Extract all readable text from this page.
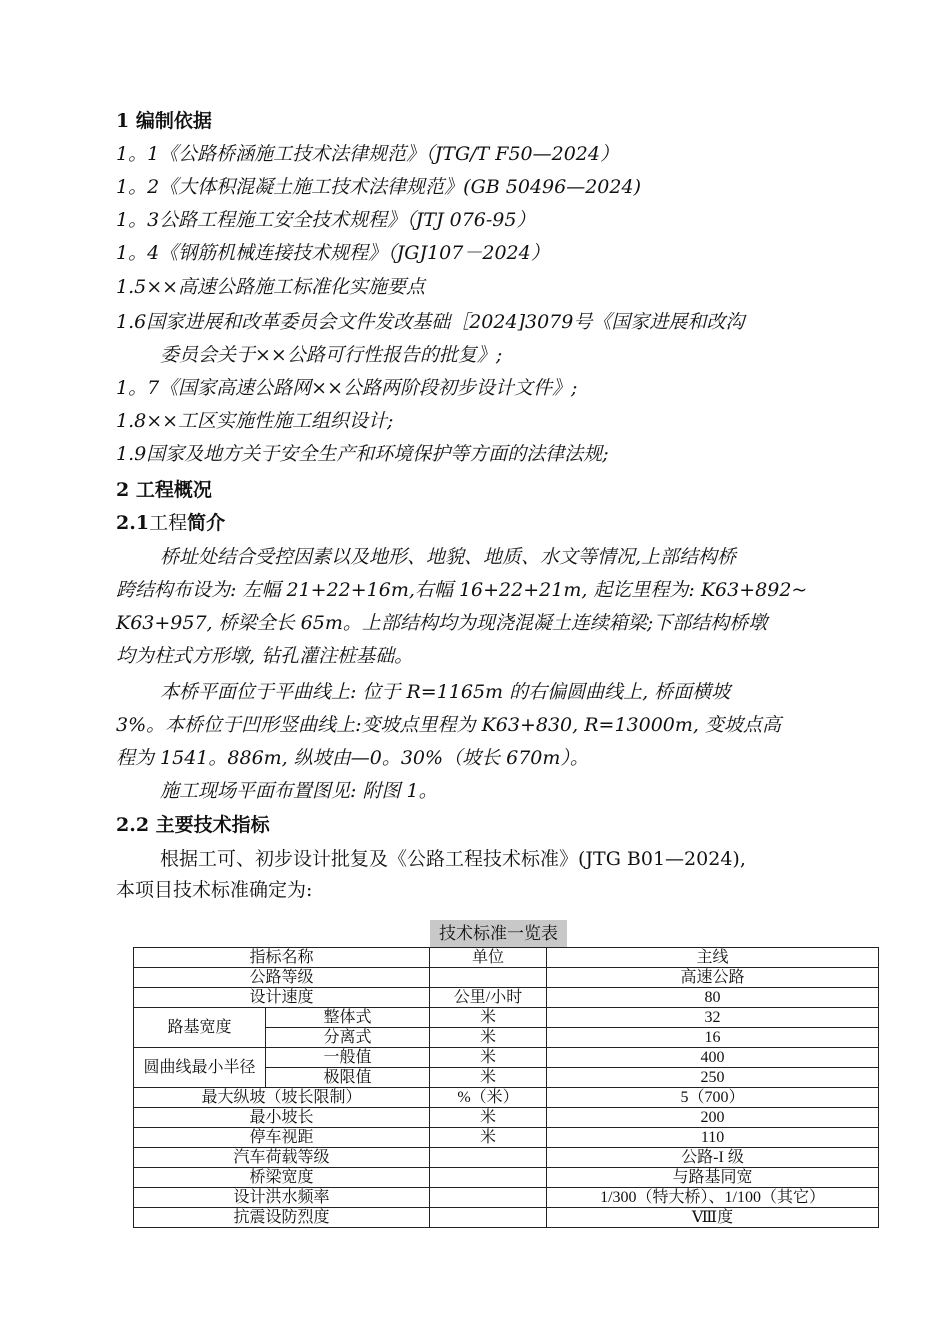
1 编制依据
1。1《公路桥涵施工技术法律规范》（JTG/T F50—2024）
1。2《大体积混凝土施工技术法律规范》(GB 50496—2024)
1。3公路工程施工安全技术规程》（JTJ 076-95）
1。4《钢筋机械连接技术规程》（JGJ107－2024）
1.5××高速公路施工标准化实施要点
1.6国家进展和改革委员会文件发改基础［2024]3079号《国家进展和改沟
委员会关于××公路可行性报告的批复》;
1。7《国家高速公路网××公路两阶段初步设计文件》;
1.8××工区实施性施工组织设计;
1.9国家及地方关于安全生产和环境保护等方面的法律法规;
2 工程概况
2.1工程简介
桥址处结合受控因素以及地形、地貌、地质、水文等情况,上部结构桥
跨结构布设为: 左幅 21+22+16m,右幅 16+22+21m, 起讫里程为: K63+892~
K63+957, 桥梁全长 65m。上部结构均为现浇混凝土连续箱梁;下部结构桥墩
均为柱式方形墩, 钻孔灌注桩基础。
本桥平面位于平曲线上: 位于 R=1165m 的右偏圆曲线上, 桥面横坡
3%。本桥位于凹形竖曲线上:变坡点里程为 K63+830, R=13000m, 变坡点高
程为 1541。886m, 纵坡由—0。30%（坡长 670m）。
施工现场平面布置图见: 附图 1。
2.2 主要技术指标
根据工可、初步设计批复及《公路工程技术标准》(JTG B01—2024),
本项目技术标准确定为:
技术标准一览表
指标名称		单位	主线
公路等级			高速公路
设计速度		公里/小时	80
路基宽度	整体式	米	32
	分离式	米	16
圆曲线最小半径	一般值	米	400
	极限值	米	250
最大纵坡（坡长限制）		%（米）	5（700）
最小坡长		米	200
停车视距		米	110
汽车荷载等级			公路-I 级
桥梁宽度			与路基同宽
设计洪水频率			1/300（特大桥）、1/100（其它）
抗震设防烈度			Ⅷ度
